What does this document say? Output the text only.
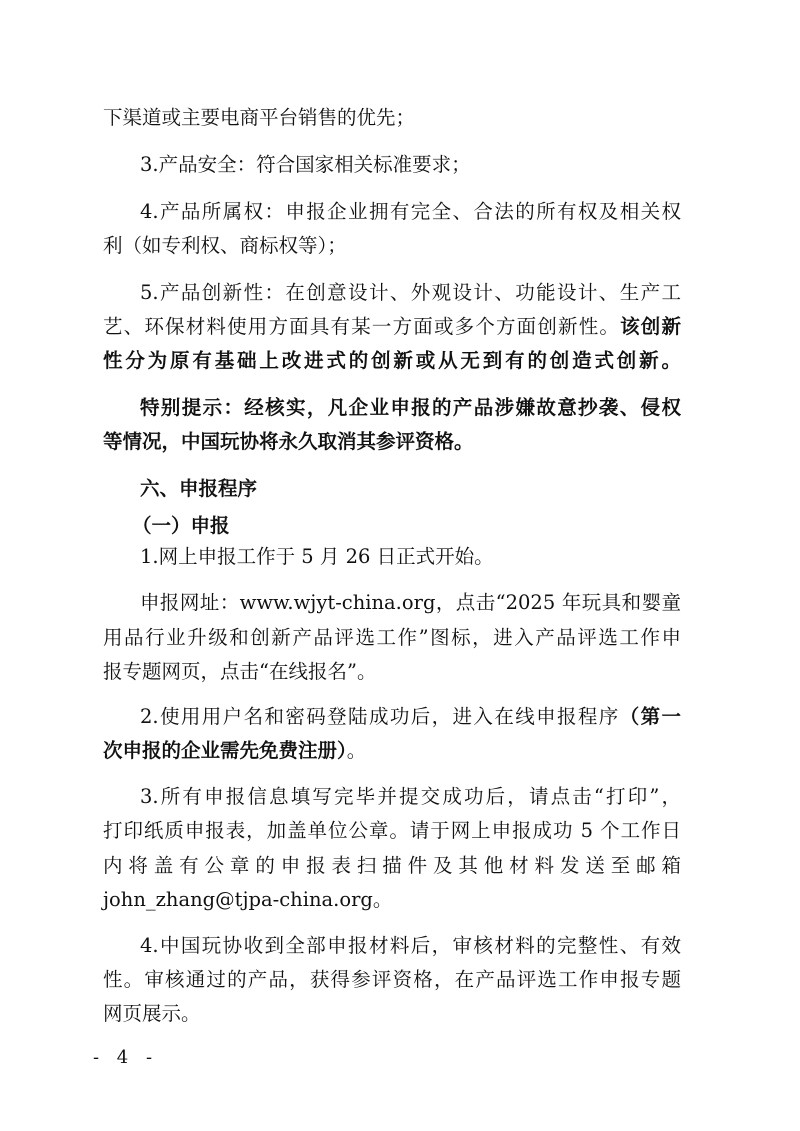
下渠道或主要电商平台销售的优先；
3.产品安全：符合国家相关标准要求；
4.产品所属权：申报企业拥有完全、合法的所有权及相关权
利（如专利权、商标权等）；
5.产品创新性：在创意设计、外观设计、功能设计、生产工
艺、环保材料使用方面具有某一方面或多个方面创新性。该创新
性分为原有基础上改进式的创新或从无到有的创造式创新。
特别提示：经核实，凡企业申报的产品涉嫌故意抄袭、侵权
等情况，中国玩协将永久取消其参评资格。
六、申报程序
（一）申报
1.网上申报工作于 5 月 26 日正式开始。
申报网址：www.wjyt-china.org，点击“2025 年玩具和婴童
用品行业升级和创新产品评选工作”图标，进入产品评选工作申
报专题网页，点击“在线报名”。
2.使用用户名和密码登陆成功后，进入在线申报程序（第一
次申报的企业需先免费注册）。
3.所有申报信息填写完毕并提交成功后，请点击“打印”，
打印纸质申报表，加盖单位公章。请于网上申报成功 5 个工作日
内将盖有公章的申报表扫描件及其他材料发送至邮箱
john_zhang@tjpa-china.org。
4.中国玩协收到全部申报材料后，审核材料的完整性、有效
性。审核通过的产品，获得参评资格，在产品评选工作申报专题
网页展示。
- 4 -
